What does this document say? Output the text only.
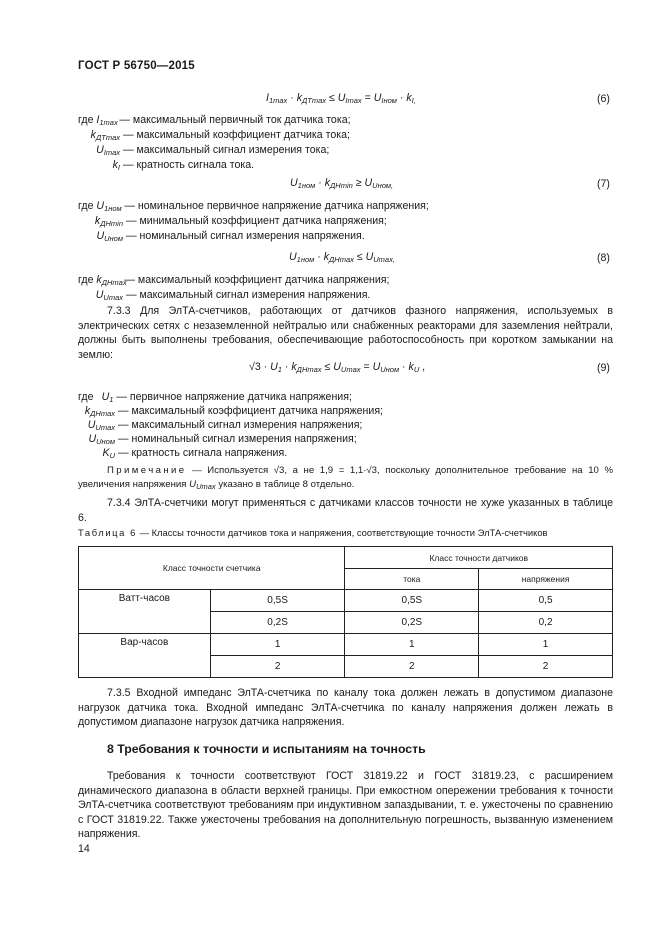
ГОСТ Р 56750—2015
$I_{1max} \cdot k_{ДТmax} \le U_{Imax} = U_{Iном} \cdot k_{I,}$	(6)
где $I_{1max}$ — максимальный первичный ток датчика тока;
$k_{ДТmax}$ — максимальный коэффициент датчика тока;
$U_{Imax}$ — максимальный сигнал измерения тока;
$k_I$ — кратность сигнала тока.
$U_{1ном} \cdot k_{ДНmin} \ge U_{Uном,}$	(7)
где $U_{1ном}$ — номинальное первичное напряжение датчика напряжения;
$k_{ДНmin}$ — минимальный коэффициент датчика напряжения;
$U_{Uном}$ — номинальный сигнал измерения напряжения.
$U_{1ном} \cdot k_{ДНmax} \le U_{Umax,}$	(8)
где $k_{ДНmax}$ — максимальный коэффициент датчика напряжения;
$U_{Umax}$ — максимальный сигнал измерения напряжения.
7.3.3 Для ЭлТА-счетчиков, работающих от датчиков фазного напряжения, используемых в электрических сетях с незаземленной нейтралью или снабженных реакторами для заземления нейтрали, должны быть выполнены требования, обеспечивающие работоспособность при коротком замыкании на землю:
$√3 \cdot U_1 \cdot k_{ДНmax} \le U_{Umax} = U_{Uном} \cdot k_U$ ,	(9)
где $U_1$ — первичное напряжение датчика напряжения;
$k_{ДНmax}$ — максимальный коэффициент датчика напряжения;
$U_{Umax}$ — максимальный сигнал измерения напряжения;
$U_{Uном}$ — номинальный сигнал измерения напряжения;
$K_U$ — кратность сигнала напряжения.
Примечание — Используется √3, а не 1,9 = 1,1·√3, поскольку дополнительное требование на 10 % увеличения напряжения $U_{Umax}$ указано в таблице 8 отдельно.
7.3.4 ЭлТА-счетчики могут применяться с датчиками классов точности не хуже указанных в таблице 6.
Таблица 6 — Классы точности датчиков тока и напряжения, соответствующие точности ЭлТА-счетчиков
Класс точности счетчика		Класс точности датчиков	
		тока	напряжения
Ватт-часов	0,5S	0,5S	0,5
	0,2S	0,2S	0,2
Вар-часов	1	1	1
	2	2	2
7.3.5 Входной импеданс ЭлТА-счетчика по каналу тока должен лежать в допустимом диапазоне нагрузок датчика тока. Входной импеданс ЭлТА-счетчика по каналу напряжения должен лежать в допустимом диапазоне нагрузок датчика напряжения.
8 Требования к точности и испытаниям на точность
Требования к точности соответствуют ГОСТ 31819.22 и ГОСТ 31819.23, с расширением динамического диапазона в области верхней границы. При емкостном опережении требования к точности ЭлТА-счетчика соответствуют требованиям при индуктивном запаздывании, т. е. ужесточены по сравнению с ГОСТ 31819.22. Также ужесточены требования на дополнительную погрешность, вызванную изменением напряжения.
14
